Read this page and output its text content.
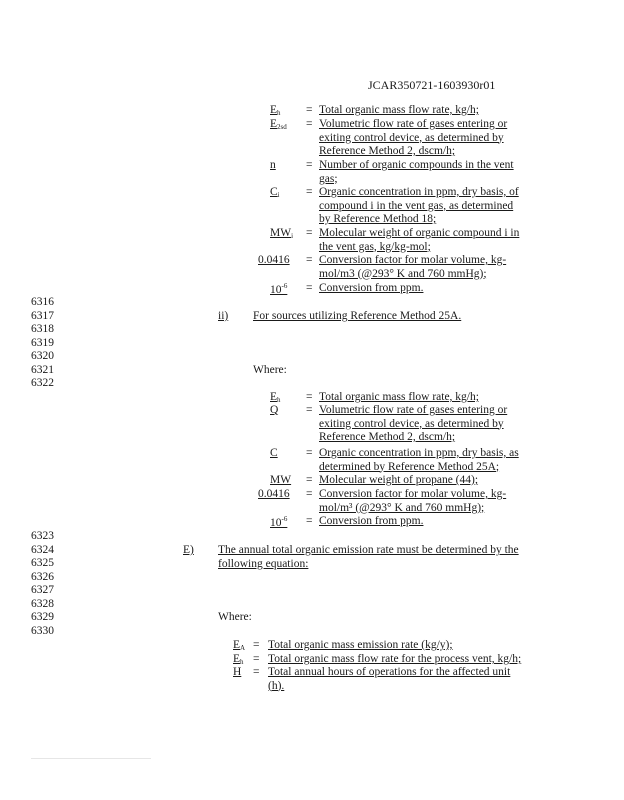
JCAR350721-1603930r01
6316
6317
6318
6319
6320
6321
6322
6323
6324
6325
6326
6327
6328
6329
6330
$E_h$ = Total organic mass flow rate, kg/h;
$E_{2sd}$ = Volumetric flow rate of gases entering or
exiting control device, as determined by
Reference Method 2, dscm/h;
n	= Number of organic compounds in the vent
gas;
$C_i$ = Organic concentration in ppm, dry basis, of
compound i in the vent gas, as determined
by Reference Method 18;
$MW_i$ = Molecular weight of organic compound i in
the vent gas, kg/kg-mol;
0.0416 = Conversion factor for molar volume, kg-
mol/m3 (@293° K and 760 mmHg);
$10^{-6}$ = Conversion from ppm.
ii) For sources utilizing Reference Method 25A.
Where:
$E_h$ = Total organic mass flow rate, kg/h;
Q = Volumetric flow rate of gases entering or
exiting control device, as determined by
Reference Method 2, dscm/h;
C = Organic concentration in ppm, dry basis, as
determined by Reference Method 25A;
MW = Molecular weight of propane (44);
0.0416 = Conversion factor for molar volume, kg-
mol/m³ (@293° K and 760 mmHg);
$10^{-6}$ = Conversion from ppm.
E) The annual total organic emission rate must be determined by the
following equation:
Where:
$E_A$ = Total organic mass emission rate (kg/y);
$E_h$ = Total organic mass flow rate for the process vent, kg/h;
H = Total annual hours of operations for the affected unit
(h).
